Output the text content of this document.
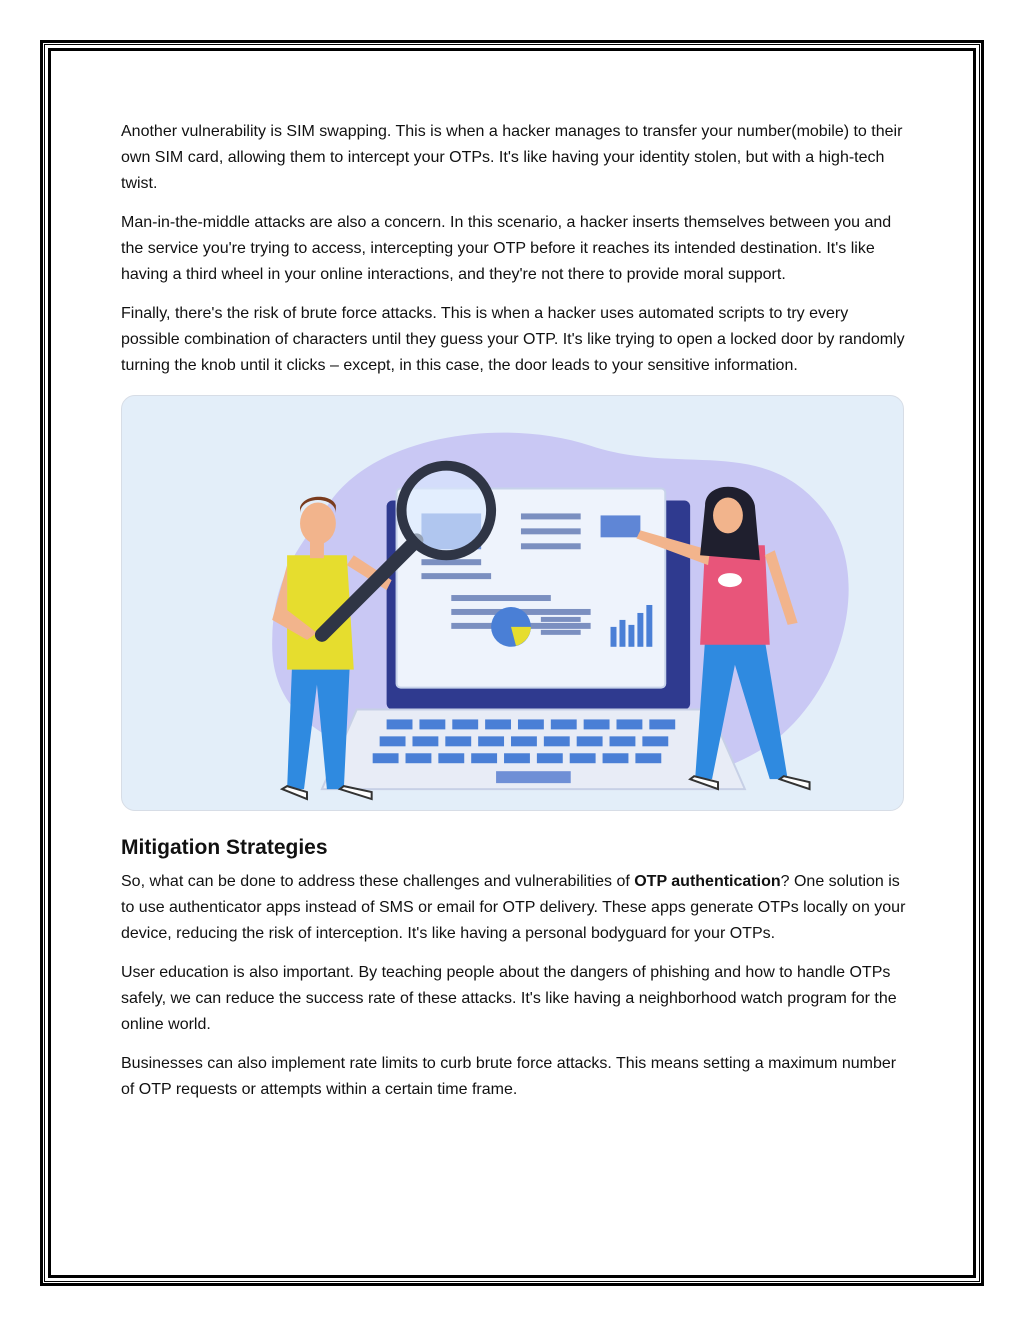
Another vulnerability is SIM swapping. This is when a hacker manages to transfer your number(mobile) to their own SIM card, allowing them to intercept your OTPs. It's like having your identity stolen, but with a high-tech twist.

Man-in-the-middle attacks are also a concern. In this scenario, a hacker inserts themselves between you and the service you're trying to access, intercepting your OTP before it reaches its intended destination. It's like having a third wheel in your online interactions, and they're not there to provide moral support.

Finally, there's the risk of brute force attacks. This is when a hacker uses automated scripts to try every possible combination of characters until they guess your OTP. It's like trying to open a locked door by randomly turning the knob until it clicks – except, in this case, the door leads to your sensitive information.

Mitigation Strategies

So, what can be done to address these challenges and vulnerabilities of OTP authentication? One solution is to use authenticator apps instead of SMS or email for OTP delivery. These apps generate OTPs locally on your device, reducing the risk of interception. It's like having a personal bodyguard for your OTPs.

User education is also important. By teaching people about the dangers of phishing and how to handle OTPs safely, we can reduce the success rate of these attacks. It's like having a neighborhood watch program for the online world.

Businesses can also implement rate limits to curb brute force attacks. This means setting a maximum number of OTP requests or attempts within a certain time frame.
